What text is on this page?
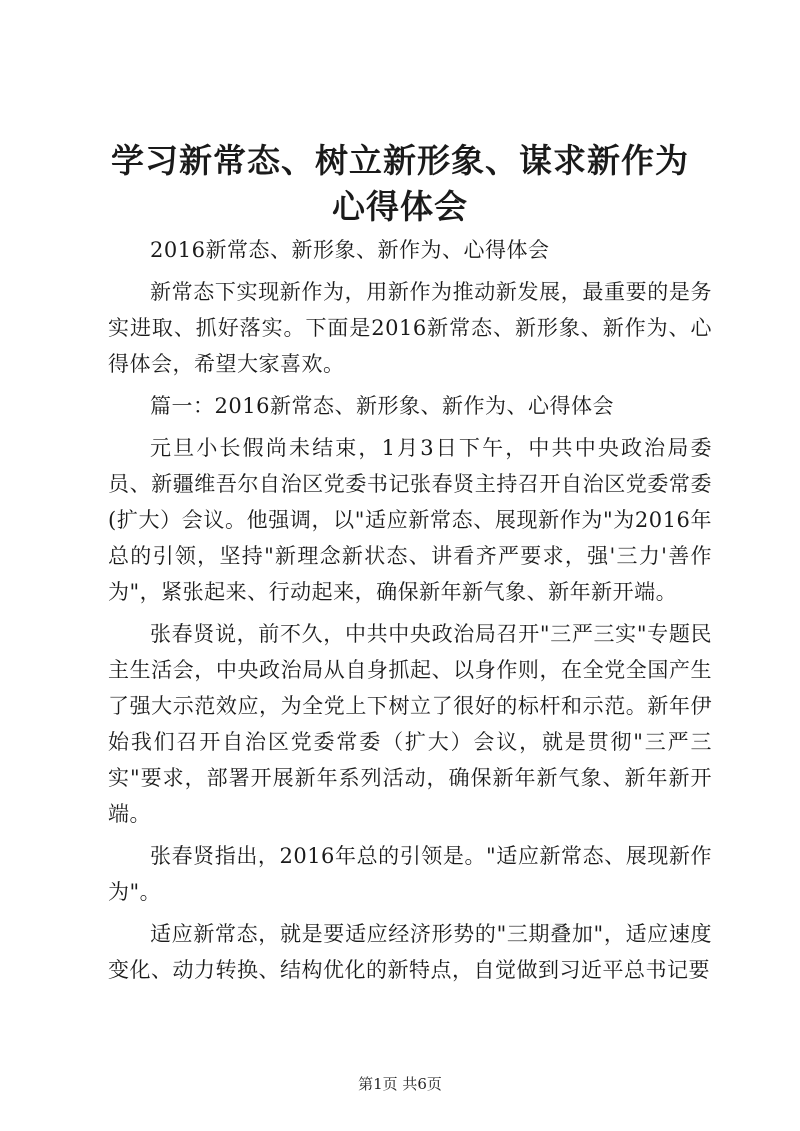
学习新常态、树立新形象、谋求新作为心得体会

2016新常态、新形象、新作为、心得体会

新常态下实现新作为，用新作为推动新发展，最重要的是务实进取、抓好落实。下面是2016新常态、新形象、新作为、心得体会，希望大家喜欢。

篇一：2016新常态、新形象、新作为、心得体会

元旦小长假尚未结束，1月3日下午，中共中央政治局委员、新疆维吾尔自治区党委书记张春贤主持召开自治区党委常委(扩大）会议。他强调，以"适应新常态、展现新作为"为2016年总的引领，坚持"新理念新状态、讲看齐严要求，强'三力'善作为"，紧张起来、行动起来，确保新年新气象、新年新开端。

张春贤说，前不久，中共中央政治局召开"三严三实"专题民主生活会，中央政治局从自身抓起、以身作则，在全党全国产生了强大示范效应，为全党上下树立了很好的标杆和示范。新年伊始我们召开自治区党委常委（扩大）会议，就是贯彻"三严三实"要求，部署开展新年系列活动，确保新年新气象、新年新开端。

张春贤指出，2016年总的引领是。"适应新常态、展现新作为"。

适应新常态，就是要适应经济形势的"三期叠加"，适应速度变化、动力转换、结构优化的新特点，自觉做到习近平总书记要

第1页 共6页
